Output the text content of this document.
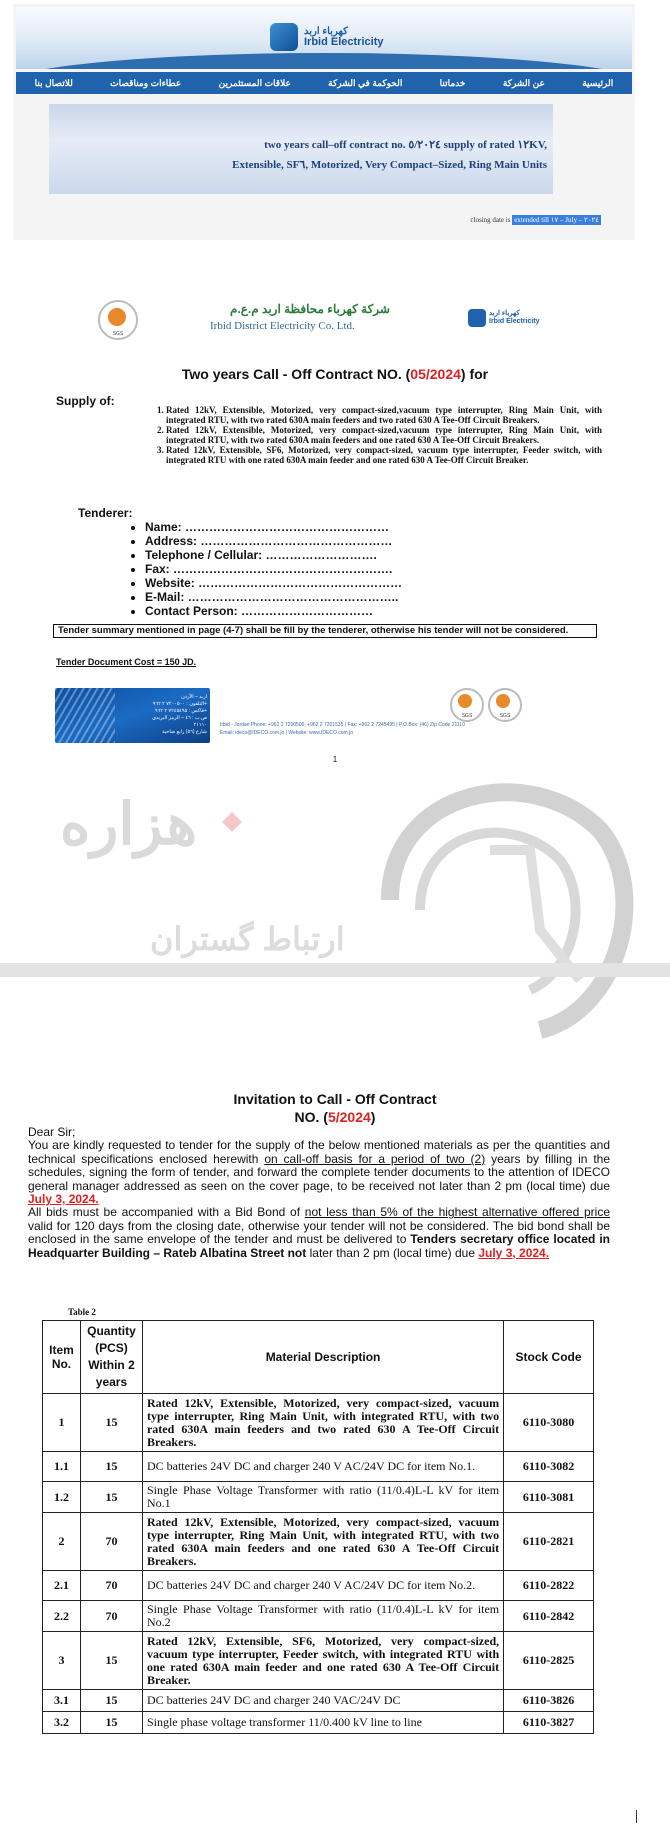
كهرباء اربد
Irbid Electricity
الرئيسية
عن الشركة
خدماتنا
الحوكمة في الشركة
علاقات المستثمرين
عطاءات ومناقصات
للاتصال بنا
two years call–off contract no. ٥/٢٠٢٤ supply of rated ١٢KV,
Extensible, SF٦, Motorized, Very Compact–Sized, Ring Main Units
closing date is extended till ١٧ – July – ٢٠٢٤
SGS
شركة كهرباء محافظة اربد م.ع.م
Irbid District Electricity Co. Ltd.
كهرباء اربد
Irbid Electricity
Two years Call - Off Contract NO. (05/2024) for
Supply of:
1. Rated 12kV, Extensible, Motorized, very compact-sized,vacuum type interrupter, Ring Main Unit, with integrated RTU, with two rated 630A main feeders and two rated 630 A Tee-Off Circuit Breakers.
2. Rated 12kV, Extensible, Motorized, very compact-sized,vacuum type interrupter, Ring Main Unit, with integrated RTU, with two rated 630A main feeders and one rated 630 A Tee-Off Circuit Breakers.
3. Rated 12kV, Extensible, SF6, Motorized, very compact-sized, vacuum type interrupter, Feeder switch, with integrated RTU with one rated 630A main feeder and one rated 630 A Tee-Off Circuit Breaker.
Tenderer:
• Name: ……………………………………………
• Address: …………………………………………
• Telephone / Cellular: ……………………….
• Fax: ……………………………………………….
• Website: ……………………………………………
• E-Mail: ……………………………………………..
• Contact Person: ……………………………
Tender summary mentioned in page (4-7) shall be fill by the tenderer, otherwise his tender will not be considered.
Tender Document Cost = 150 JD.
اربد – الأردن
التلفون : ٧٢٠٠٥٠٠ ٢ ٩٦٢+
فاكس : ٧٢٤٥٤٩٥ ٢ ٩٦٢+
ص.ب : ٤٦ – الرمز البريدي ٢١١١٠
شارع (٥٦) رابع ضاحية
SGS	SGS
Irbid - Jordan Phone: +962 2 7200500, +962 2 7201535 | Fax: +962 2 7245495 | P.O.Box: (46) Zip Code 21110
Email: ideco@IDECO.com.jo | Website: www.IDECO.com.jo
1
هزاره
ارتباط گستران
Invitation to Call - Off Contract
NO. (5/2024)
Dear Sir;
You are kindly requested to tender for the supply of the below mentioned materials as per the quantities and technical specifications enclosed herewith on call-off basis for a period of two (2) years by filling in the schedules, signing the form of tender, and forward the complete tender documents to the attention of IDECO general manager addressed as seen on the cover page, to be received not later than 2 pm (local time) due July 3, 2024.
All bids must be accompanied with a Bid Bond of not less than 5% of the highest alternative offered price valid for 120 days from the closing date, otherwise your tender will not be considered. The bid bond shall be enclosed in the same envelope of the tender and must be delivered to Tenders secretary office located in Headquarter Building – Rateb Albatina Street not later than 2 pm (local time) due July 3, 2024.
Table 2
Item No.	Quantity (PCS) Within 2 years	Material Description	Stock Code
1	15	Rated 12kV, Extensible, Motorized, very compact-sized, vacuum type interrupter, Ring Main Unit, with integrated RTU, with two rated 630A main feeders and two rated 630 A Tee-Off Circuit Breakers.	6110-3080
1.1	15	DC batteries 24V DC and charger 240 V AC/24V DC for item No.1.	6110-3082
1.2	15	Single Phase Voltage Transformer with ratio (11/0.4)L-L kV for item No.1	6110-3081
2	70	Rated 12kV, Extensible, Motorized, very compact-sized, vacuum type interrupter, Ring Main Unit, with integrated RTU, with two rated 630A main feeders and one rated 630 A Tee-Off Circuit Breakers.	6110-2821
2.1	70	DC batteries 24V DC and charger 240 V AC/24V DC for item No.2.	6110-2822
2.2	70	Single Phase Voltage Transformer with ratio (11/0.4)L-L kV for item No.2	6110-2842
3	15	Rated 12kV, Extensible, SF6, Motorized, very compact-sized, vacuum type interrupter, Feeder switch, with integrated RTU with one rated 630A main feeder and one rated 630 A Tee-Off Circuit Breaker.	6110-2825
3.1	15	DC batteries 24V DC and charger 240 VAC/24V DC	6110-3826
3.2	15	Single phase voltage transformer 11/0.400 kV line to line	6110-3827
